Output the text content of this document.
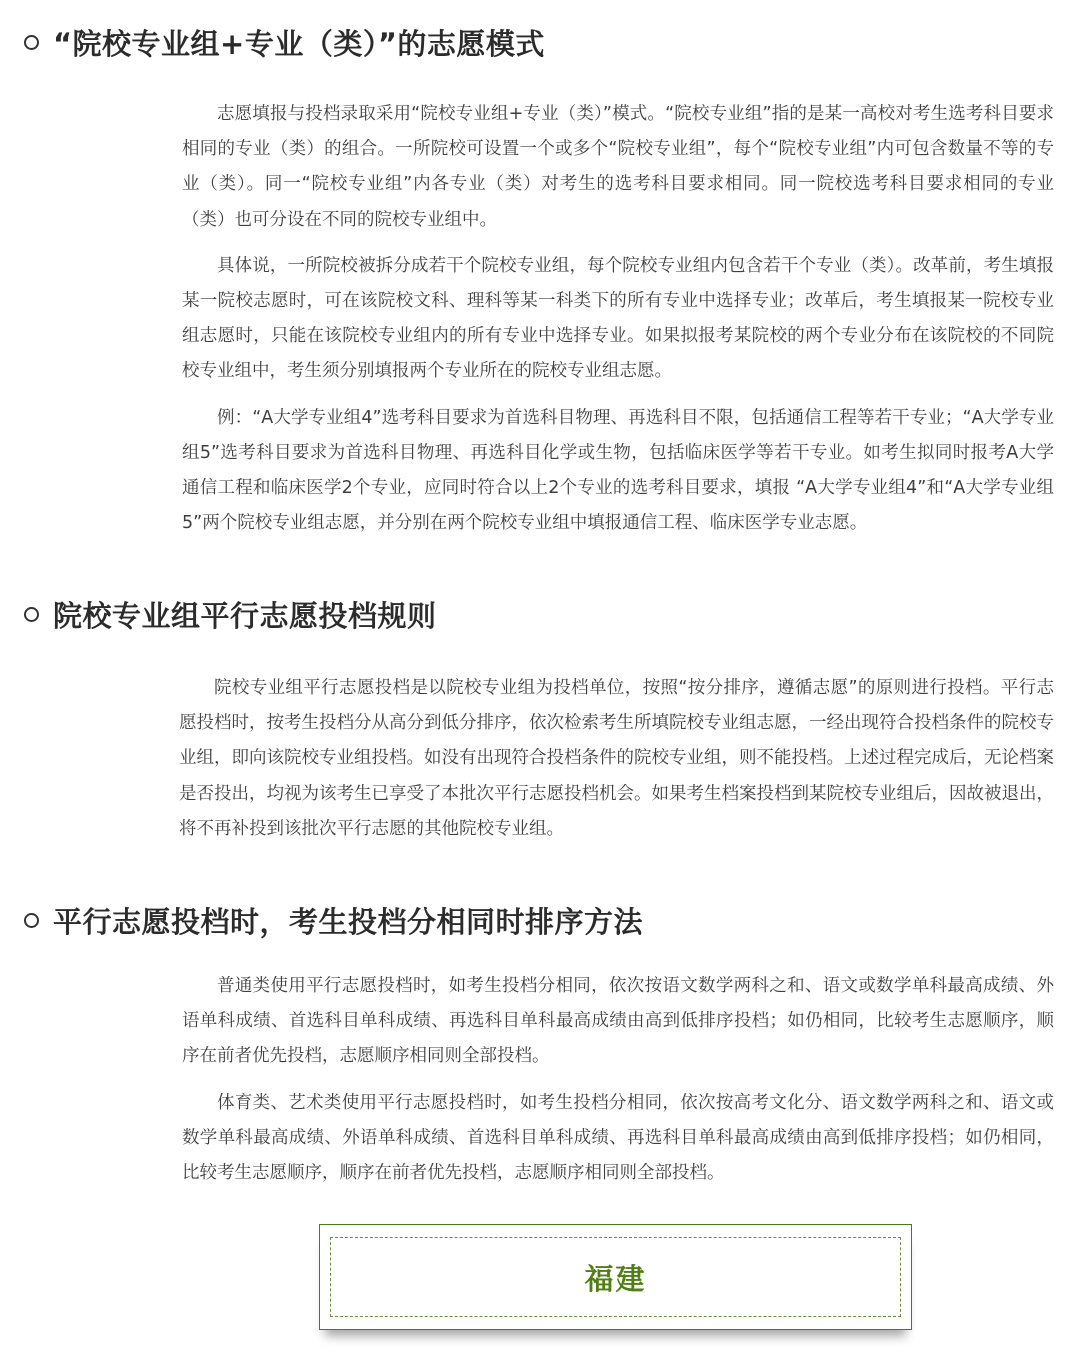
“院校专业组+专业（类）”的志愿模式

志愿填报与投档录取采用“院校专业组+专业（类）”模式。“院校专业组”指的是某一高校对考生选考科目要求相同的专业（类）的组合。一所院校可设置一个或多个“院校专业组”，每个“院校专业组”内可包含数量不等的专业（类）。同一“院校专业组”内各专业（类）对考生的选考科目要求相同。同一院校选考科目要求相同的专业（类）也可分设在不同的院校专业组中。

具体说，一所院校被拆分成若干个院校专业组，每个院校专业组内包含若干个专业（类）。改革前，考生填报某一院校志愿时，可在该院校文科、理科等某一科类下的所有专业中选择专业；改革后，考生填报某一院校专业组志愿时，只能在该院校专业组内的所有专业中选择专业。如果拟报考某院校的两个专业分布在该院校的不同院校专业组中，考生须分别填报两个专业所在的院校专业组志愿。

例：“A大学专业组4”选考科目要求为首选科目物理、再选科目不限，包括通信工程等若干专业；“A大学专业组5”选考科目要求为首选科目物理、再选科目化学或生物，包括临床医学等若干专业。如考生拟同时报考A大学通信工程和临床医学2个专业，应同时符合以上2个专业的选考科目要求，填报 “A大学专业组4”和“A大学专业组5”两个院校专业组志愿，并分别在两个院校专业组中填报通信工程、临床医学专业志愿。

院校专业组平行志愿投档规则

院校专业组平行志愿投档是以院校专业组为投档单位，按照“按分排序，遵循志愿”的原则进行投档。平行志愿投档时，按考生投档分从高分到低分排序，依次检索考生所填院校专业组志愿，一经出现符合投档条件的院校专业组，即向该院校专业组投档。如没有出现符合投档条件的院校专业组，则不能投档。上述过程完成后，无论档案是否投出，均视为该考生已享受了本批次平行志愿投档机会。如果考生档案投档到某院校专业组后，因故被退出，将不再补投到该批次平行志愿的其他院校专业组。

平行志愿投档时，考生投档分相同时排序方法

普通类使用平行志愿投档时，如考生投档分相同，依次按语文数学两科之和、语文或数学单科最高成绩、外语单科成绩、首选科目单科成绩、再选科目单科最高成绩由高到低排序投档；如仍相同，比较考生志愿顺序，顺序在前者优先投档，志愿顺序相同则全部投档。

体育类、艺术类使用平行志愿投档时，如考生投档分相同，依次按高考文化分、语文数学两科之和、语文或数学单科最高成绩、外语单科成绩、首选科目单科成绩、再选科目单科最高成绩由高到低排序投档；如仍相同，比较考生志愿顺序，顺序在前者优先投档，志愿顺序相同则全部投档。

福建
